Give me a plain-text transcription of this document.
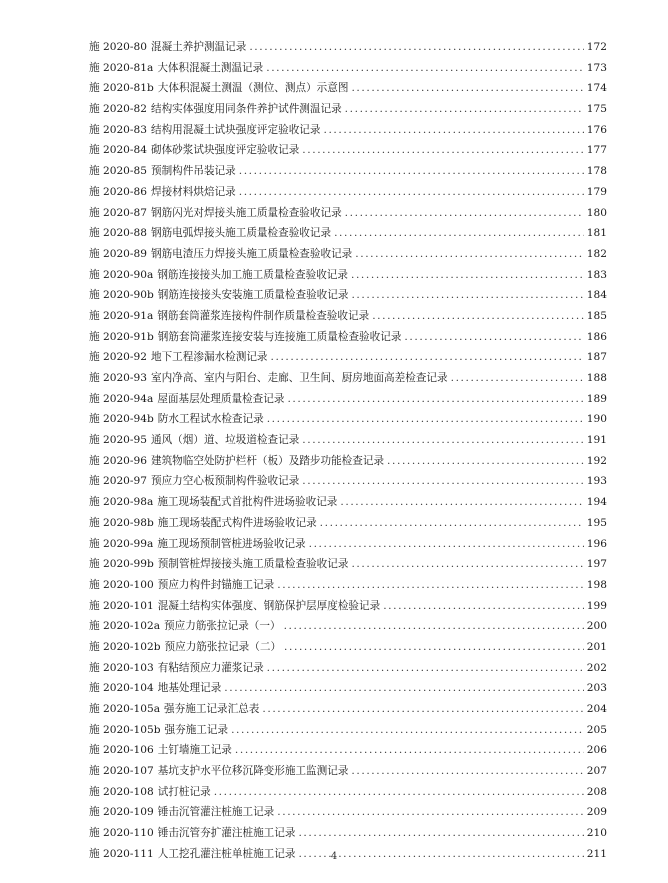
施 2020-80 混凝土养护测温记录 .....	172
施 2020-81a 大体积混凝土测温记录 .....	173
施 2020-81b 大体积混凝土测温（测位、测点）示意图 .....	174
施 2020-82 结构实体强度用同条件养护试件测温记录 .....	175
施 2020-83 结构用混凝土试块强度评定验收记录 .....	176
施 2020-84 砌体砂浆试块强度评定验收记录 .....	177
施 2020-85 预制构件吊装记录 .....	178
施 2020-86 焊接材料烘焙记录 .....	179
施 2020-87 钢筋闪光对焊接头施工质量检查验收记录 .....	180
施 2020-88 钢筋电弧焊接头施工质量检查验收记录 .....	181
施 2020-89 钢筋电渣压力焊接头施工质量检查验收记录 .....	182
施 2020-90a 钢筋连接接头加工施工质量检查验收记录 .....	183
施 2020-90b 钢筋连接接头安装施工质量检查验收记录 .....	184
施 2020-91a 钢筋套筒灌浆连接构件制作质量检查验收记录 .....	185
施 2020-91b 钢筋套筒灌浆连接安装与连接施工质量检查验收记录 .....	186
施 2020-92 地下工程渗漏水检测记录 .....	187
施 2020-93 室内净高、室内与阳台、走廊、卫生间、厨房地面高差检查记录 .....	188
施 2020-94a 屋面基层处理质量检查记录 .....	189
施 2020-94b 防水工程试水检查记录 .....	190
施 2020-95 通风（烟）道、垃圾道检查记录 .....	191
施 2020-96 建筑物临空处防护栏杆（板）及踏步功能检查记录 .....	192
施 2020-97 预应力空心板预制构件验收记录 .....	193
施 2020-98a 施工现场装配式首批构件进场验收记录 .....	194
施 2020-98b 施工现场装配式构件进场验收记录 .....	195
施 2020-99a 施工现场预制管桩进场验收记录 .....	196
施 2020-99b 预制管桩焊接接头施工质量检查验收记录 .....	197
施 2020-100 预应力构件封锚施工记录 .....	198
施 2020-101 混凝土结构实体强度、钢筋保护层厚度检验记录 .....	199
施 2020-102a 预应力筋张拉记录（一） .....	200
施 2020-102b 预应力筋张拉记录（二） .....	201
施 2020-103 有粘结预应力灌浆记录 .....	202
施 2020-104 地基处理记录 .....	203
施 2020-105a 强夯施工记录汇总表 .....	204
施 2020-105b 强夯施工记录 .....	205
施 2020-106 土钉墙施工记录 .....	206
施 2020-107 基坑支护水平位移沉降变形施工监测记录 .....	207
施 2020-108 试打桩记录 .....	208
施 2020-109 锤击沉管灌注桩施工记录 .....	209
施 2020-110 锤击沉管夯扩灌注桩施工记录 .....	210
施 2020-111 人工挖孔灌注桩单桩施工记录 .....	211
4
